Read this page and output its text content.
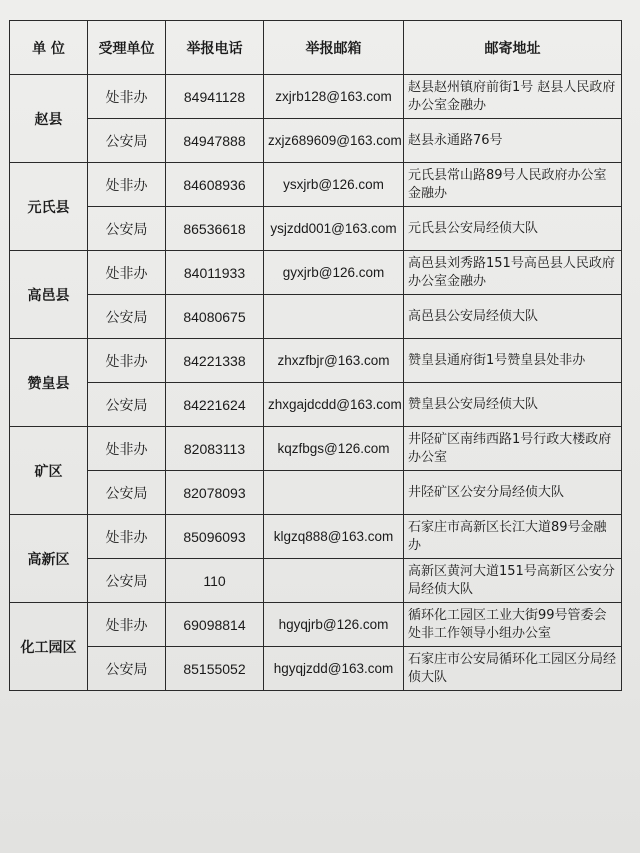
单 位	受理单位	举报电话	举报邮箱	邮寄地址
赵县	处非办	84941128	zxjrb128@163.com	赵县赵州镇府前街1号 赵县人民政府办公室金融办
	公安局	84947888	zxjz689609@163.com	赵县永通路76号
元氏县	处非办	84608936	ysxjrb@126.com	元氏县常山路89号人民政府办公室金融办
	公安局	86536618	ysjzdd001@163.com	元氏县公安局经侦大队
高邑县	处非办	84011933	gyxjrb@126.com	高邑县刘秀路151号高邑县人民政府办公室金融办
	公安局	84080675		高邑县公安局经侦大队
赞皇县	处非办	84221338	zhxzfbjr@163.com	赞皇县通府街1号赞皇县处非办
	公安局	84221624	zhxgajdcdd@163.com	赞皇县公安局经侦大队
矿区	处非办	82083113	kqzfbgs@126.com	井陉矿区南纬西路1号行政大楼政府办公室
	公安局	82078093		井陉矿区公安分局经侦大队
高新区	处非办	85096093	klgzq888@163.com	石家庄市高新区长江大道89号金融办
	公安局	110		高新区黄河大道151号高新区公安分局经侦大队
化工园区	处非办	69098814	hgyqjrb@126.com	循环化工园区工业大街99号管委会处非工作领导小组办公室
	公安局	85155052	hgyqjzdd@163.com	石家庄市公安局循环化工园区分局经侦大队
